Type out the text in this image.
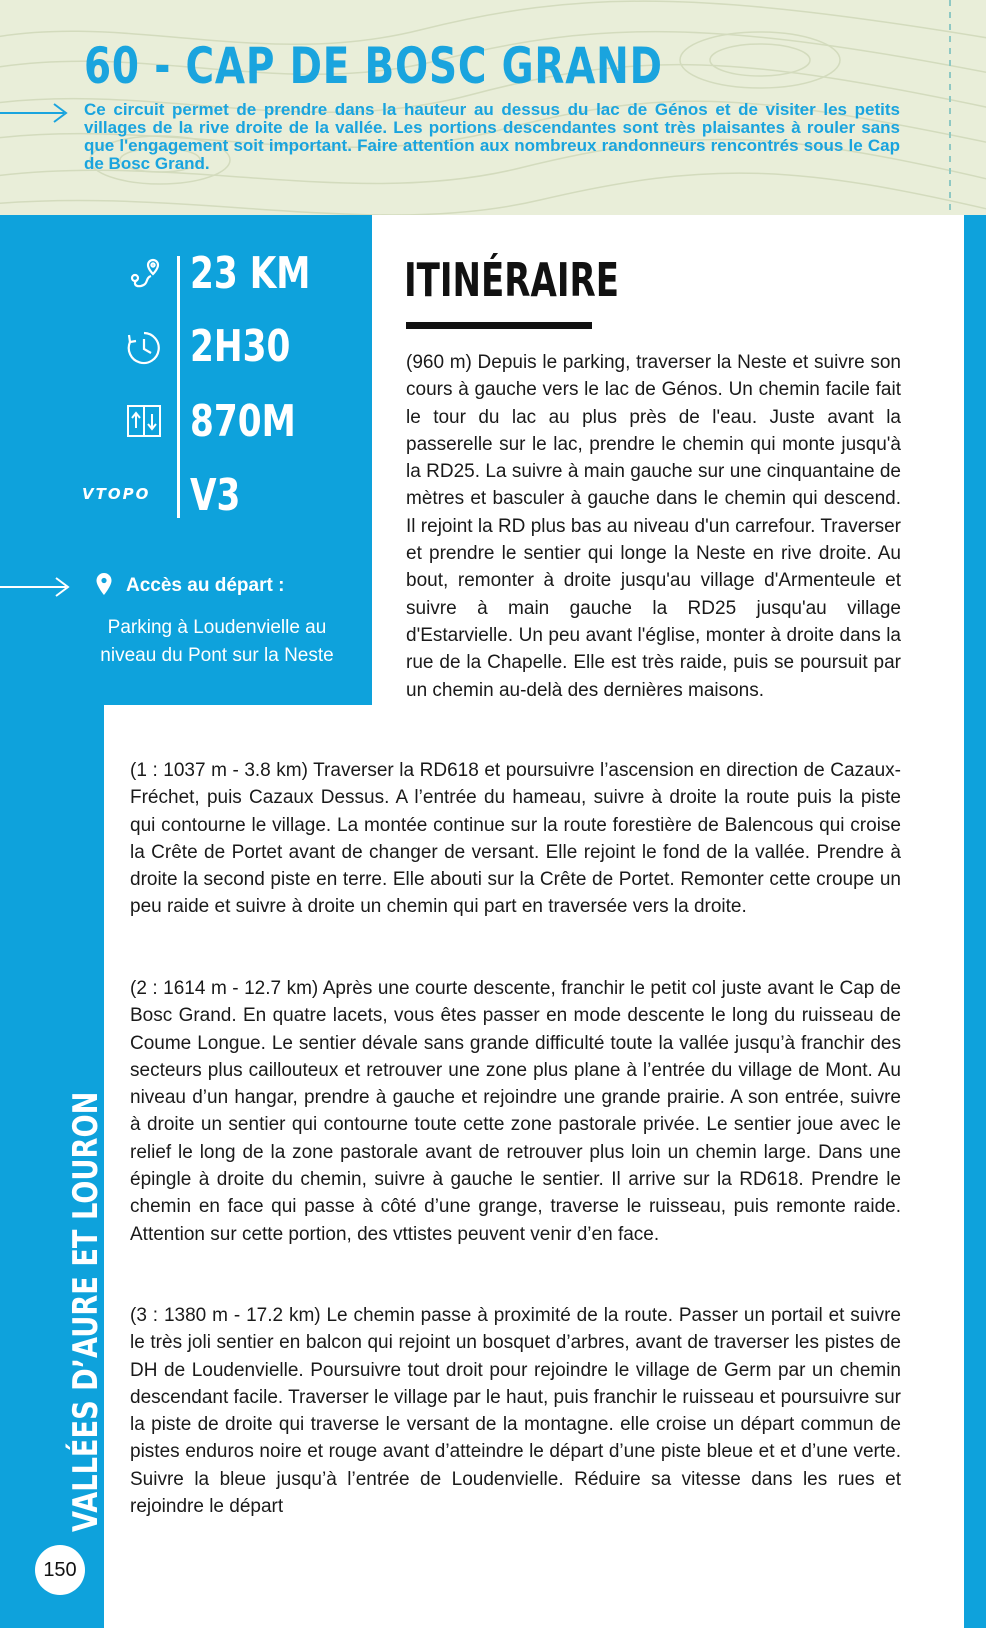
60 - CAP DE BOSC GRAND

Ce circuit permet de prendre dans la hauteur au dessus du lac de Génos et de visiter les petits villages de la rive droite de la vallée. Les portions descendantes sont très plaisantes à rouler sans que l'engagement soit important. Faire attention aux nombreux randonneurs rencontrés sous le Cap de Bosc Grand.

23 KM

2H30

870M

VTOPO V3

Accès au départ :

Parking à Loudenvielle au niveau du Pont sur la Neste

ITINÉRAIRE

(960 m) Depuis le parking, traverser la Neste et suivre son cours à gauche vers le lac de Génos. Un chemin facile fait le tour du lac au plus près de l'eau. Juste avant la passerelle sur le lac, prendre le chemin qui monte jusqu'à la RD25. La suivre à main gauche sur une cinquantaine de mètres et basculer à gauche dans le chemin qui descend. Il rejoint la RD plus bas au niveau d'un carrefour. Traverser et prendre le sentier qui longe la Neste en rive droite. Au bout, remonter à droite jusqu'au village d'Armenteule et suivre à main gauche la RD25 jusqu'au village d'Estarvielle. Un peu avant l'église, monter à droite dans la rue de la Chapelle. Elle est très raide, puis se poursuit par un chemin au-delà des dernières maisons.

(1 : 1037 m - 3.8 km) Traverser la RD618 et poursuivre l’ascension en direction de Cazaux-Fréchet, puis Cazaux Dessus. A l’entrée du hameau, suivre à droite la route puis la piste qui contourne le village. La montée continue sur la route forestière de Balencous qui croise la Crête de Portet avant de changer de versant. Elle rejoint le fond de la vallée. Prendre à droite la second piste en terre. Elle abouti sur la Crête de Portet. Remonter cette croupe un peu raide et suivre à droite un chemin qui part en traversée vers la droite.

(2 : 1614 m - 12.7 km) Après une courte descente, franchir le petit col juste avant le Cap de Bosc Grand. En quatre lacets, vous êtes passer en mode descente le long du ruisseau de Coume Longue. Le sentier dévale sans grande difficulté toute la vallée jusqu’à franchir des secteurs plus caillouteux et retrouver une zone plus plane à l’entrée du village de Mont. Au niveau d’un hangar, prendre à gauche et rejoindre une grande prairie. A son entrée, suivre à droite un sentier qui contourne toute cette zone pastorale privée. Le sentier joue avec le relief le long de la zone pastorale avant de retrouver plus loin un chemin large. Dans une épingle à droite du chemin, suivre à gauche le sentier. Il arrive sur la RD618. Prendre le chemin en face qui passe à côté d’une grange, traverse le ruisseau, puis remonte raide. Attention sur cette portion, des vttistes peuvent venir d’en face.

(3 : 1380 m - 17.2 km) Le chemin passe à proximité de la route. Passer un portail et suivre le très joli sentier en balcon qui rejoint un bosquet d’arbres, avant de traverser les pistes de DH de Loudenvielle. Poursuivre tout droit pour rejoindre le village de Germ par un chemin descendant facile. Traverser le village par le haut, puis franchir le ruisseau et poursuivre sur la piste de droite qui traverse le versant de la montagne. elle croise un départ commun de pistes enduros noire et rouge avant d’atteindre le départ d’une piste bleue et et d’une verte. Suivre la bleue jusqu’à l’entrée de Loudenvielle. Réduire sa vitesse dans les rues et rejoindre le départ

VALLÉES D’AURE ET LOURON

150
